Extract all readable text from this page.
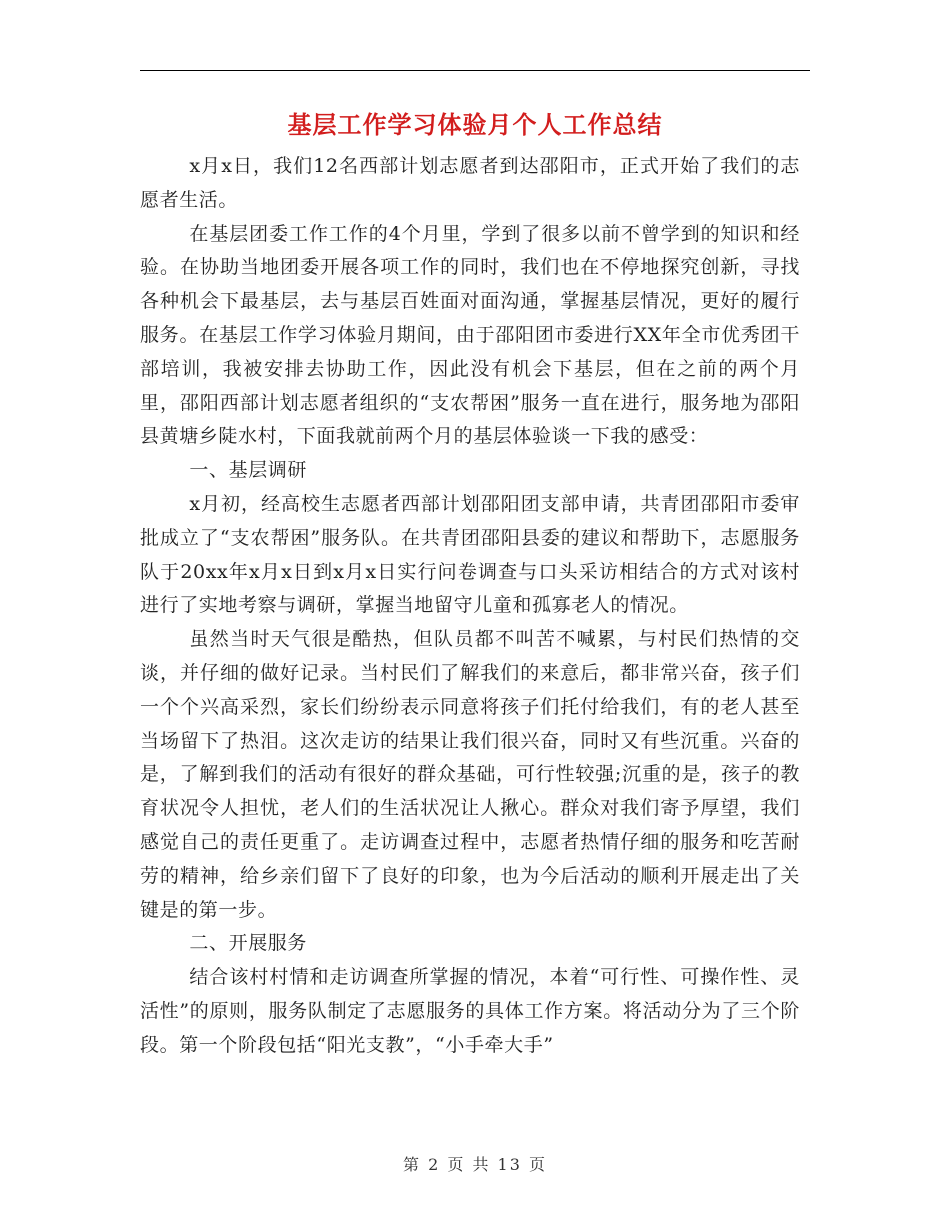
基层工作学习体验月个人工作总结

x月x日，我们12名西部计划志愿者到达邵阳市，正式开始了我们的志愿者生活。

在基层团委工作工作的4个月里，学到了很多以前不曾学到的知识和经验。在协助当地团委开展各项工作的同时，我们也在不停地探究创新，寻找各种机会下最基层，去与基层百姓面对面沟通，掌握基层情况，更好的履行服务。在基层工作学习体验月期间，由于邵阳团市委进行XX年全市优秀团干部培训，我被安排去协助工作，因此没有机会下基层，但在之前的两个月里，邵阳西部计划志愿者组织的“支农帮困”服务一直在进行，服务地为邵阳县黄塘乡陡水村，下面我就前两个月的基层体验谈一下我的感受：

一、基层调研

x月初，经高校生志愿者西部计划邵阳团支部申请，共青团邵阳市委审批成立了“支农帮困”服务队。在共青团邵阳县委的建议和帮助下，志愿服务队于20xx年x月x日到x月x日实行问卷调查与口头采访相结合的方式对该村进行了实地考察与调研，掌握当地留守儿童和孤寡老人的情况。

虽然当时天气很是酷热，但队员都不叫苦不喊累，与村民们热情的交谈，并仔细的做好记录。当村民们了解我们的来意后，都非常兴奋，孩子们一个个兴高采烈，家长们纷纷表示同意将孩子们托付给我们，有的老人甚至当场留下了热泪。这次走访的结果让我们很兴奋，同时又有些沉重。兴奋的是，了解到我们的活动有很好的群众基础，可行性较强;沉重的是，孩子的教育状况令人担忧，老人们的生活状况让人揪心。群众对我们寄予厚望，我们感觉自己的责任更重了。走访调查过程中，志愿者热情仔细的服务和吃苦耐劳的精神，给乡亲们留下了良好的印象，也为今后活动的顺利开展走出了关键是的第一步。

二、开展服务

结合该村村情和走访调查所掌握的情况，本着“可行性、可操作性、灵活性”的原则，服务队制定了志愿服务的具体工作方案。将活动分为了三个阶段。第一个阶段包括“阳光支教”，“小手牵大手”

第 2 页 共 13 页
